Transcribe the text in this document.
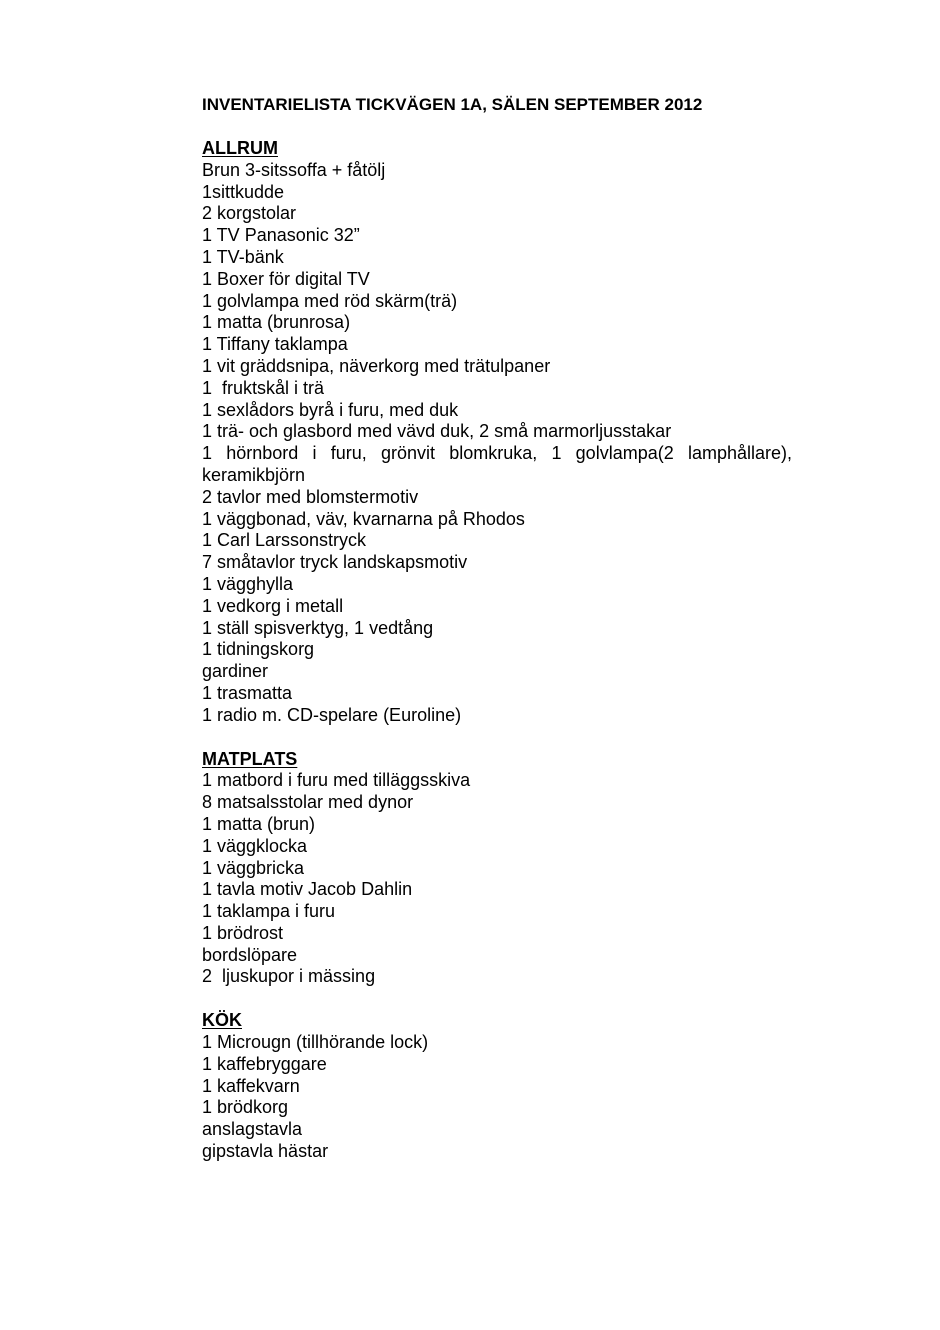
INVENTARIELISTA TICKVÄGEN 1A, SÄLEN SEPTEMBER 2012
ALLRUM
Brun 3-sitssoffa + fåtölj
1sittkudde
2 korgstolar
1 TV Panasonic 32”
1 TV-bänk
1 Boxer för digital TV
1 golvlampa med röd skärm(trä)
1 matta (brunrosa)
1 Tiffany taklampa
1 vit gräddsnipa, näverkorg med trätulpaner
1  fruktskål i trä
1 sexlådors byrå i furu, med duk
1 trä- och glasbord med vävd duk, 2 små marmorljusstakar
1 hörnbord i furu, grönvit blomkruka, 1 golvlampa(2 lamphållare), keramikbjörn
2 tavlor med blomstermotiv
1 väggbonad, väv, kvarnarna på Rhodos
1 Carl Larssonstryck
7 småtavlor tryck landskapsmotiv
1 vägghylla
1 vedkorg i metall
1 ställ spisverktyg, 1 vedtång
1 tidningskorg
gardiner
1 trasmatta
1 radio m. CD-spelare (Euroline)
MATPLATS
1 matbord i furu med tilläggsskiva
8 matsalsstolar med dynor
1 matta (brun)
1 väggklocka
1 väggbricka
1 tavla motiv Jacob Dahlin
1 taklampa i furu
1 brödrost
bordslöpare
2  ljuskupor i mässing
KÖK
1 Microugn (tillhörande lock)
1 kaffebryggare
1 kaffekvarn
1 brödkorg
anslagstavla
gipstavla hästar
